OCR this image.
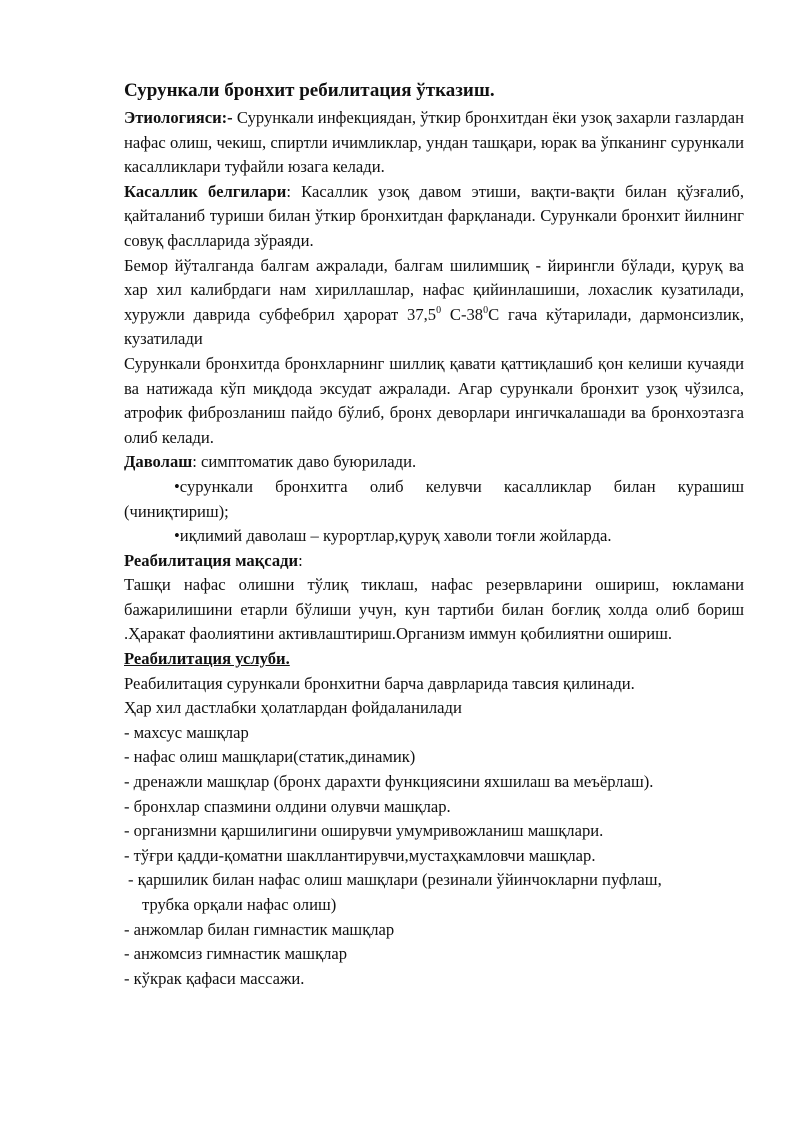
Сурункали бронхит ребилитация ўтказиш.

Этиологияси:- Сурункали инфекциядан, ўткир бронхитдан ёки узоқ захарли газлардан нафас олиш, чекиш, спиртли ичимликлар, ундан ташқари, юрак ва ўпканинг сурункали касалликлари туфайли юзага келади.

Касаллик белгилари: Касаллик узоқ давом этиши, вақти-вақти билан қўзғалиб, қайталаниб туриши билан ўткир бронхитдан фарқланади. Сурункали бронхит йилнинг совуқ фаслларида зўраяди.

Бемор йўталганда балгам ажралади, балгам шилимшиқ - йирингли бўлади, қуруқ ва хар хил калибрдаги нам хириллашлар, нафас қийинлашиши, лохаслик кузатилади, хуружли даврида субфебрил ҳарорат 37,5$^0$ $С-38^0С$ гача кўтарилади, дармонсизлик, кузатилади

Сурункали бронхитда бронхларнинг шиллиқ қавати қаттиқлашиб қон келиши кучаяди ва натижада кўп миқдода эксудат ажралади. Агар сурункали бронхит узоқ чўзилса, атрофик фиброзланиш пайдо бўлиб, бронх деворлари ингичкалашади ва бронхоэтазга олиб келади.

Даволаш: симптоматик даво буюрилади.

•сурункали бронхитга олиб келувчи касалликлар билан курашиш (чиниқтириш);

•иқлимий даволаш – курортлар,қуруқ хаволи тоғли жойларда.

Реабилитация мақсади:

Ташқи нафас олишни тўлиқ тиклаш, нафас резервларини ошириш, юкламани бажарилишини етарли бўлиши учун, кун тартиби билан боғлиқ холда олиб бориш .Ҳаракат фаолиятини активлаштириш.Организм иммун қобилиятни ошириш.

Реабилитация услуби.

Реабилитация сурункали бронхитни барча даврларида тавсия қилинади.

Ҳар хил дастлабки ҳолатлардан фойдаланилади

- махсус машқлар

- нафас олиш машқлари(статик,динамик)

- дренажли машқлар (бронх дарахти функциясини яхшилаш ва меъёрлаш).

- бронхлар спазмини олдини олувчи машқлар.

- организмни қаршилигини оширувчи умумривожланиш машқлари.

- тўғри қадди-қоматни шакллантирувчи,мустаҳкамловчи машқлар.

- қаршилик билан нафас олиш машқлари (резинали ўйинчокларни пуфлаш,

трубка орқали нафас олиш)

- анжомлар билан гимнастик машқлар

- анжомсиз гимнастик машқлар

- кўкрак қафаси массажи.
